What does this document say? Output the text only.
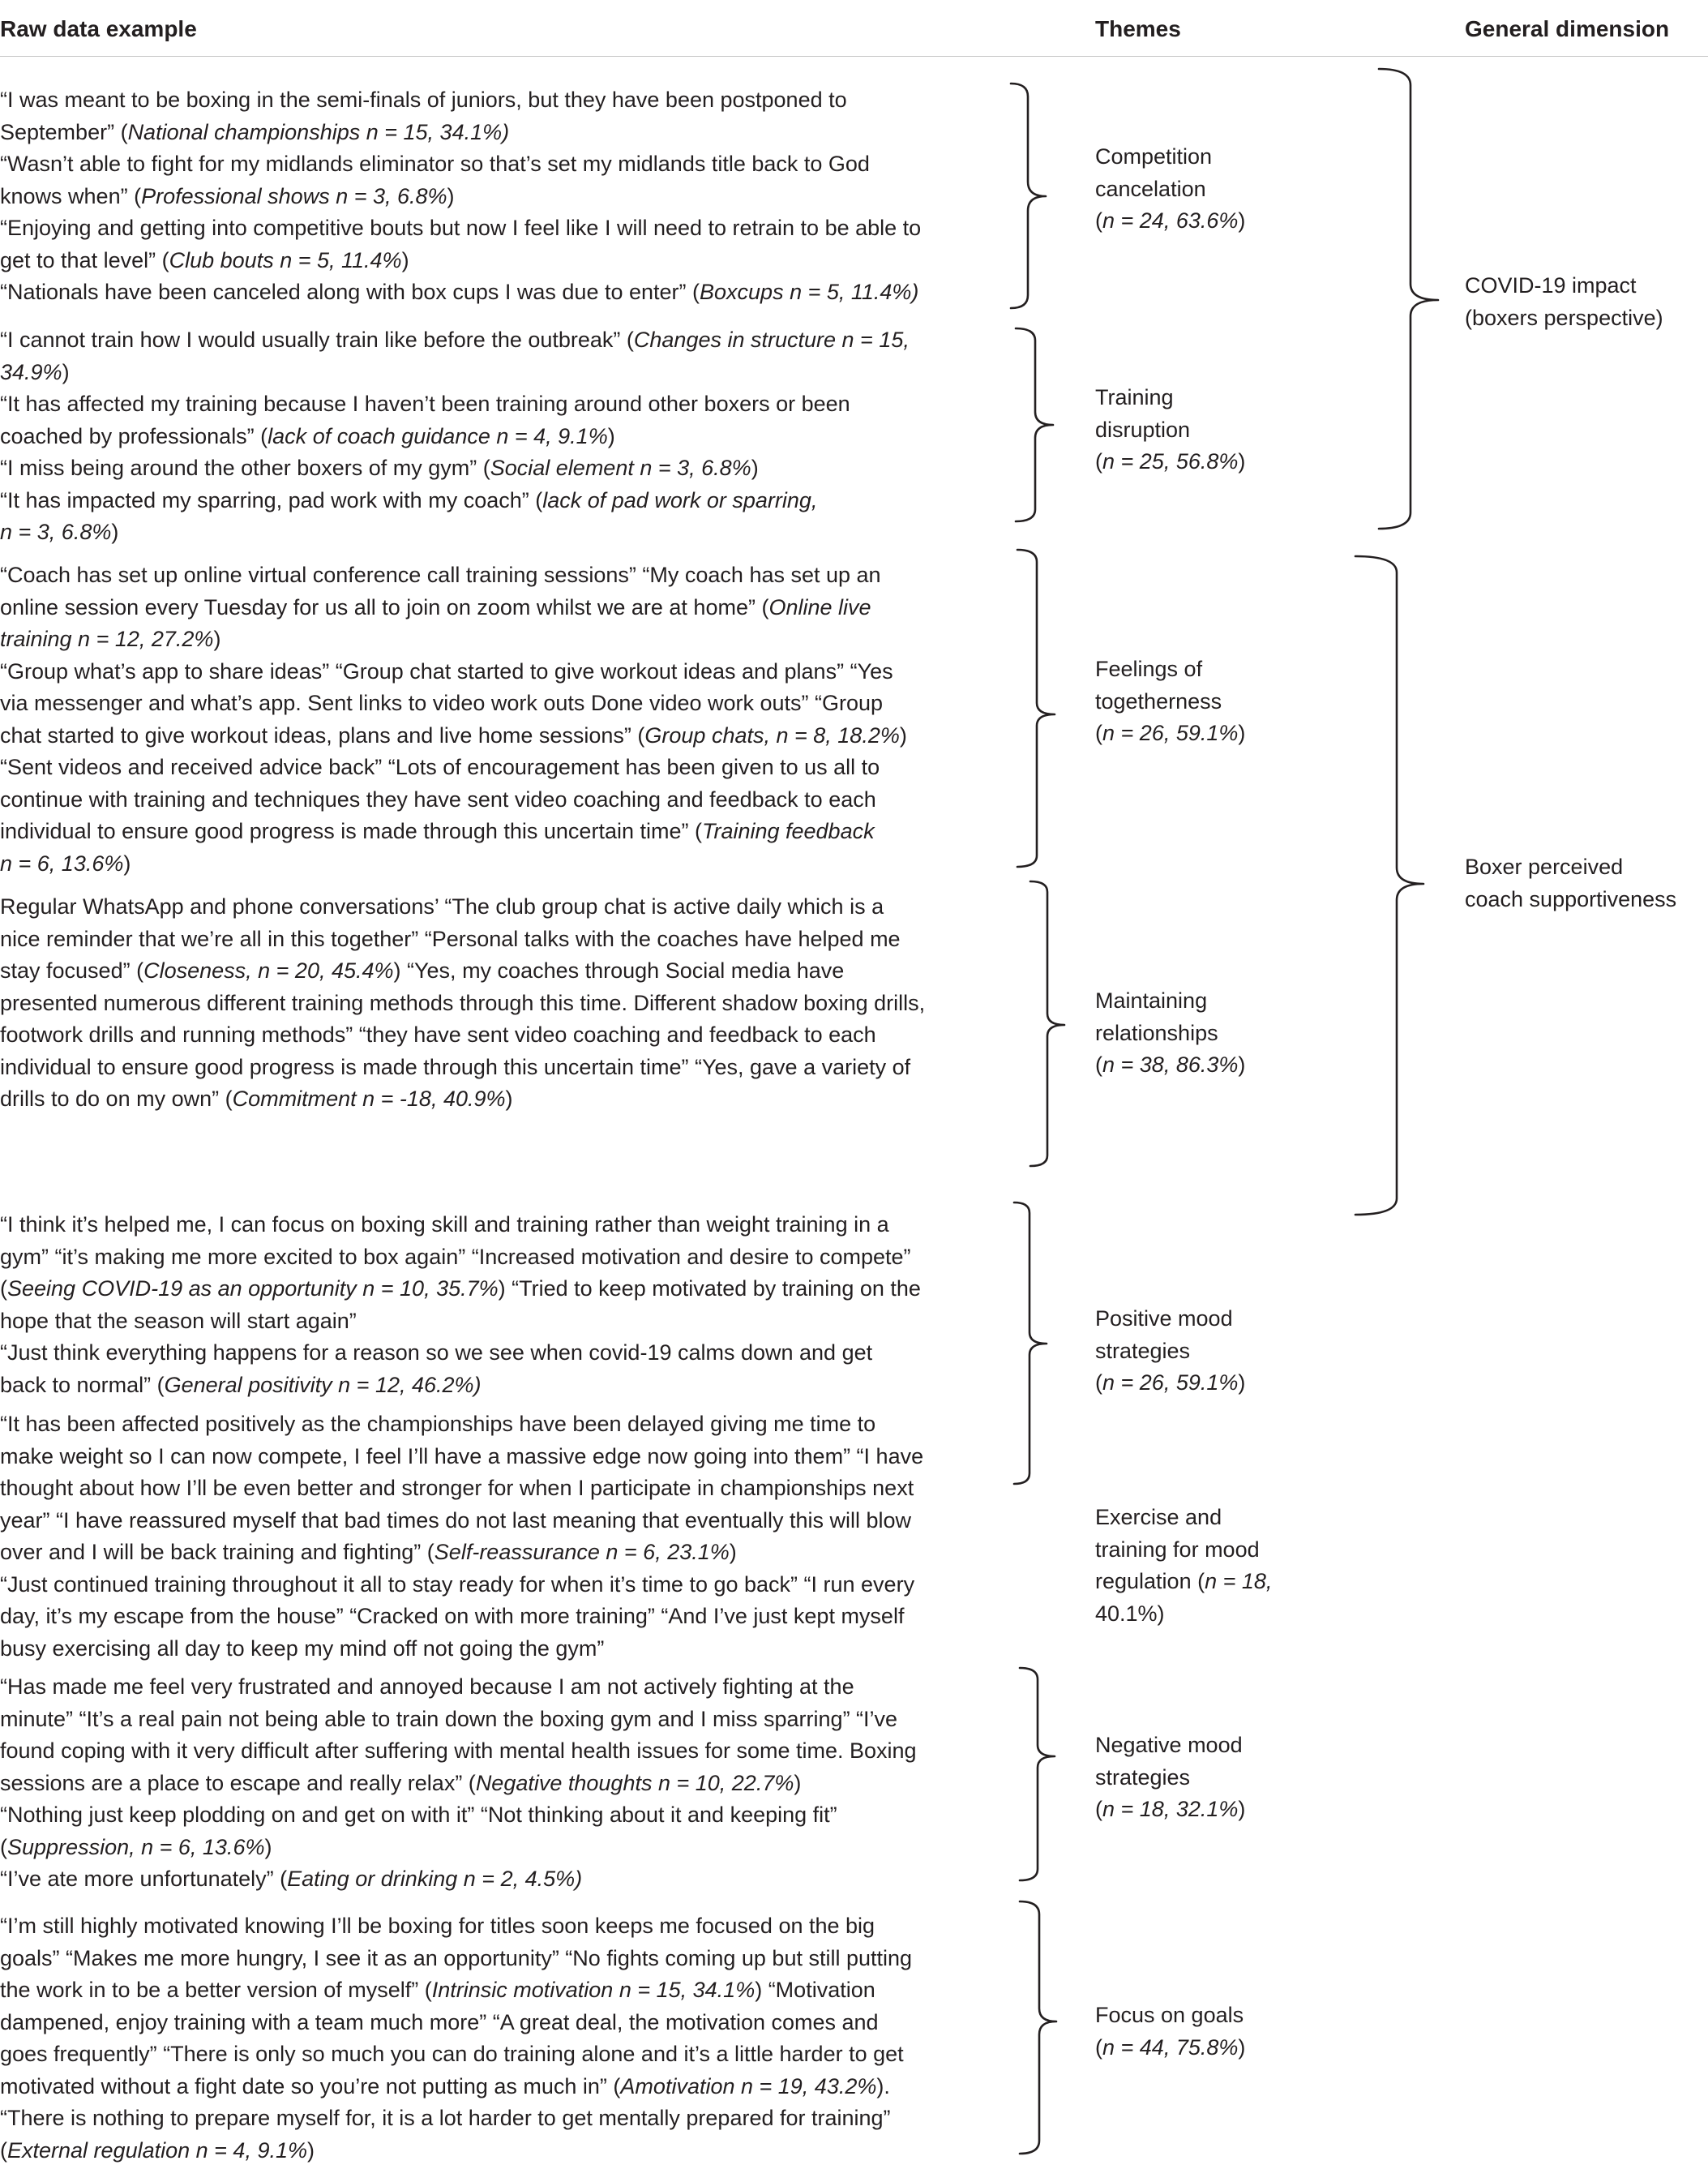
Raw data example	Themes	General dimension

“I was meant to be boxing in the semi-finals of juniors, but they have been postponed to

September” (National championships n = 15, 34.1%)

“Wasn’t able to fight for my midlands eliminator so that’s set my midlands title back to God

knows when” (Professional shows n = 3, 6.8%)

“Enjoying and getting into competitive bouts but now I feel like I will need to retrain to be able to

get to that level” (Club bouts n = 5, 11.4%)

“Nationals have been canceled along with box cups I was due to enter” (Boxcups n = 5, 11.4%)

“I cannot train how I would usually train like before the outbreak” (Changes in structure n = 15,

34.9%)

“It has affected my training because I haven’t been training around other boxers or been

coached by professionals” (lack of coach guidance n = 4, 9.1%)

“I miss being around the other boxers of my gym” (Social element n = 3, 6.8%)

“It has impacted my sparring, pad work with my coach” (lack of pad work or sparring,

n = 3, 6.8%)

“Coach has set up online virtual conference call training sessions” “My coach has set up an

online session every Tuesday for us all to join on zoom whilst we are at home” (Online live

training n = 12, 27.2%)

“Group what’s app to share ideas” “Group chat started to give workout ideas and plans” “Yes

via messenger and what’s app. Sent links to video work outs Done video work outs” “Group

chat started to give workout ideas, plans and live home sessions” (Group chats, n = 8, 18.2%)

“Sent videos and received advice back” “Lots of encouragement has been given to us all to

continue with training and techniques they have sent video coaching and feedback to each

individual to ensure good progress is made through this uncertain time” (Training feedback

n = 6, 13.6%)

Regular WhatsApp and phone conversations’ “The club group chat is active daily which is a

nice reminder that we’re all in this together” “Personal talks with the coaches have helped me

stay focused” (Closeness, n = 20, 45.4%) “Yes, my coaches through Social media have

presented numerous different training methods through this time. Different shadow boxing drills,

footwork drills and running methods” “they have sent video coaching and feedback to each

individual to ensure good progress is made through this uncertain time” “Yes, gave a variety of

drills to do on my own” (Commitment n = -18, 40.9%)

“I think it’s helped me, I can focus on boxing skill and training rather than weight training in a

gym” “it’s making me more excited to box again” “Increased motivation and desire to compete”

(Seeing COVID-19 as an opportunity n = 10, 35.7%) “Tried to keep motivated by training on the

hope that the season will start again”

“Just think everything happens for a reason so we see when covid-19 calms down and get

back to normal” (General positivity n = 12, 46.2%)

“It has been affected positively as the championships have been delayed giving me time to

make weight so I can now compete, I feel I’ll have a massive edge now going into them” “I have

thought about how I’ll be even better and stronger for when I participate in championships next

year” “I have reassured myself that bad times do not last meaning that eventually this will blow

over and I will be back training and fighting” (Self-reassurance n = 6, 23.1%)

“Just continued training throughout it all to stay ready for when it’s time to go back” “I run every

day, it’s my escape from the house” “Cracked on with more training” “And I’ve just kept myself

busy exercising all day to keep my mind off not going the gym”

“Has made me feel very frustrated and annoyed because I am not actively fighting at the

minute” “It’s a real pain not being able to train down the boxing gym and I miss sparring” “I’ve

found coping with it very difficult after suffering with mental health issues for some time. Boxing

sessions are a place to escape and really relax” (Negative thoughts n = 10, 22.7%)

“Nothing just keep plodding on and get on with it” “Not thinking about it and keeping fit”

(Suppression, n = 6, 13.6%)

“I’ve ate more unfortunately” (Eating or drinking n = 2, 4.5%)

“I’m still highly motivated knowing I’ll be boxing for titles soon keeps me focused on the big

goals” “Makes me more hungry, I see it as an opportunity” “No fights coming up but still putting

the work in to be a better version of myself” (Intrinsic motivation n = 15, 34.1%) “Motivation

dampened, enjoy training with a team much more” “A great deal, the motivation comes and

goes frequently” “There is only so much you can do training alone and it’s a little harder to get

motivated without a fight date so you’re not putting as much in” (Amotivation n = 19, 43.2%).

“There is nothing to prepare myself for, it is a lot harder to get mentally prepared for training”

(External regulation n = 4, 9.1%)

Competition

cancelation

(n = 24, 63.6%)

Training

disruption

(n = 25, 56.8%)

Feelings of

togetherness

(n = 26, 59.1%)

Maintaining

relationships

(n = 38, 86.3%)

Positive mood

strategies

(n = 26, 59.1%)

Exercise and

training for mood

regulation (n = 18,

40.1%)

Negative mood

strategies

(n = 18, 32.1%)

Focus on goals

(n = 44, 75.8%)

COVID-19 impact

(boxers perspective)

Boxer perceived

coach supportiveness
